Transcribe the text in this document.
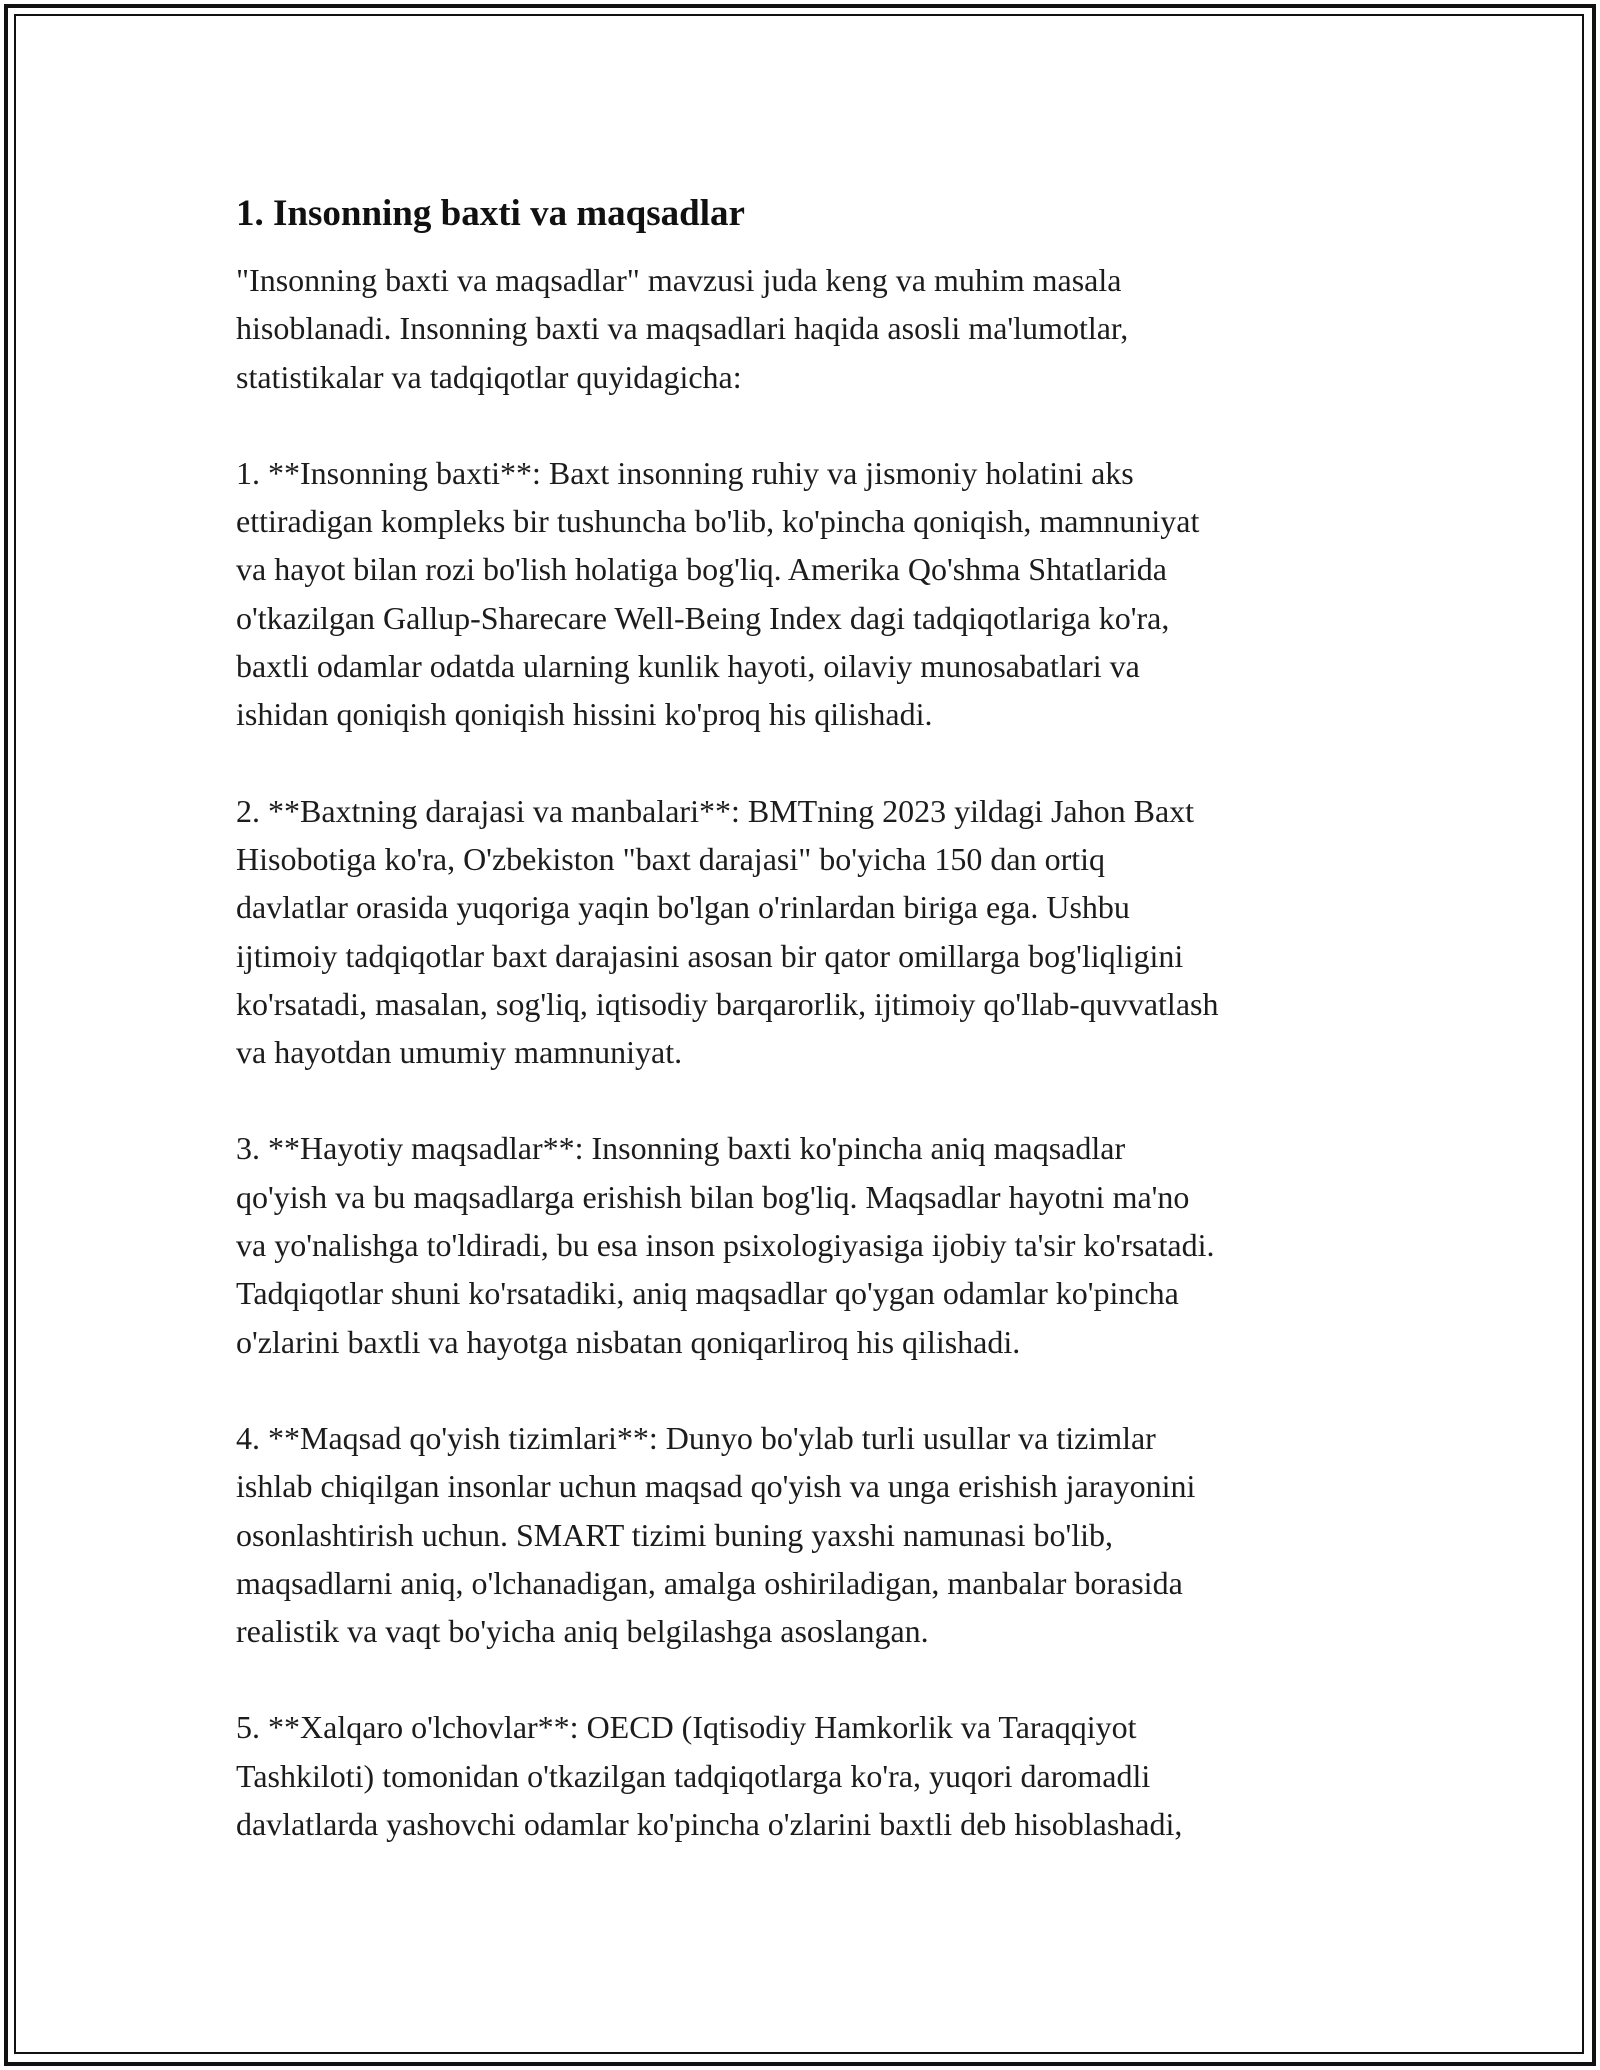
1. Insonning baxti va maqsadlar

"Insonning baxti va maqsadlar" mavzusi juda keng va muhim masala
hisoblanadi. Insonning baxti va maqsadlari haqida asosli ma'lumotlar,
statistikalar va tadqiqotlar quyidagicha:

1. **Insonning baxti**: Baxt insonning ruhiy va jismoniy holatini aks
ettiradigan kompleks bir tushuncha bo'lib, ko'pincha qoniqish, mamnuniyat
va hayot bilan rozi bo'lish holatiga bog'liq. Amerika Qo'shma Shtatlarida
o'tkazilgan Gallup-Sharecare Well-Being Index dagi tadqiqotlariga ko'ra,
baxtli odamlar odatda ularning kunlik hayoti, oilaviy munosabatlari va
ishidan qoniqish qoniqish hissini ko'proq his qilishadi.

2. **Baxtning darajasi va manbalari**: BMTning 2023 yildagi Jahon Baxt
Hisobotiga ko'ra, O'zbekiston "baxt darajasi" bo'yicha 150 dan ortiq
davlatlar orasida yuqoriga yaqin bo'lgan o'rinlardan biriga ega. Ushbu
ijtimoiy tadqiqotlar baxt darajasini asosan bir qator omillarga bog'liqligini
ko'rsatadi, masalan, sog'liq, iqtisodiy barqarorlik, ijtimoiy qo'llab-quvvatlash
va hayotdan umumiy mamnuniyat.

3. **Hayotiy maqsadlar**: Insonning baxti ko'pincha aniq maqsadlar
qo'yish va bu maqsadlarga erishish bilan bog'liq. Maqsadlar hayotni ma'no
va yo'nalishga to'ldiradi, bu esa inson psixologiyasiga ijobiy ta'sir ko'rsatadi.
Tadqiqotlar shuni ko'rsatadiki, aniq maqsadlar qo'ygan odamlar ko'pincha
o'zlarini baxtli va hayotga nisbatan qoniqarliroq his qilishadi.

4. **Maqsad qo'yish tizimlari**: Dunyo bo'ylab turli usullar va tizimlar
ishlab chiqilgan insonlar uchun maqsad qo'yish va unga erishish jarayonini
osonlashtirish uchun. SMART tizimi buning yaxshi namunasi bo'lib,
maqsadlarni aniq, o'lchanadigan, amalga oshiriladigan, manbalar borasida
realistik va vaqt bo'yicha aniq belgilashga asoslangan.

5. **Xalqaro o'lchovlar**: OECD (Iqtisodiy Hamkorlik va Taraqqiyot
Tashkiloti) tomonidan o'tkazilgan tadqiqotlarga ko'ra, yuqori daromadli
davlatlarda yashovchi odamlar ko'pincha o'zlarini baxtli deb hisoblashadi,
